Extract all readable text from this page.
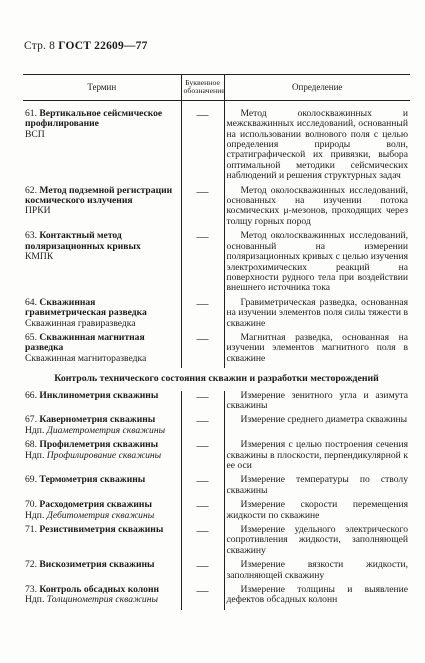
Стр. 8 ГОСТ 22609—77
Термин	Буквенное обозначение	Определение
61. Вертикальное сейсмическое профилирование
ВСП	—	Метод околоскважинных и межскважинных исследований, основанный на использовании волнового поля с целью определения природы волн, стратиграфической их привязки, выбора оптимальной методики сейсмических наблюдений и решения структурных задач

62. Метод подземной регистрации космического излучения
ПРКИ	—	Метод околоскважинных исследований, основанных на изучении потока космических μ-мезонов, проходящих через толщу горных пород

63. Контактный метод поляризационных кривых
КМПК	—	Метод околоскважинных исследований, основанный на измерении поляризационных кривых с целью изучения электрохимических реакций на поверхности рудного тела при воздействии внешнего источника тока

64. Скважинная гравиметрическая разведка
Скважинная гравиразведка	—	Гравиметрическая разведка, основанная на изучении элементов поля силы тяжести в скважине

65. Скважинная магнитная разведка
Скважинная магниторазведка	—	Магнитная разведка, основанная на изучении элементов магнитного поля в скважине

Контроль технического состояния скважин и разработки месторождений		
66. Инклинометрия скважины	—	Измерение зенитного угла и азимута скважины

67. Кавернометрия скважины
Ндп. Диаметрометрия скважины	—	Измерение среднего диаметра скважины

68. Профилеметрия скважины
Ндп. Профилирование скважины	—	Измерения с целью построения сечения скважины в плоскости, перпендикулярной к ее оси

69. Термометрия скважины	—	Измерение температуры по стволу скважины

70. Расходометрия скважины
Ндп. Дебитометрия скважины	—	Измерение скорости перемещения жидкости по скважине

71. Резистивиметрия скважины	—	Измерение удельного электрического сопротивления жидкости, заполняющей скважину

72. Вискозиметрия скважины	—	Измерение вязкости жидкости, заполняющей скважину

73. Контроль обсадных колонн
Ндп. Толщинометрия скважины	—	Измерение толщины и выявление дефектов обсадных колонн
